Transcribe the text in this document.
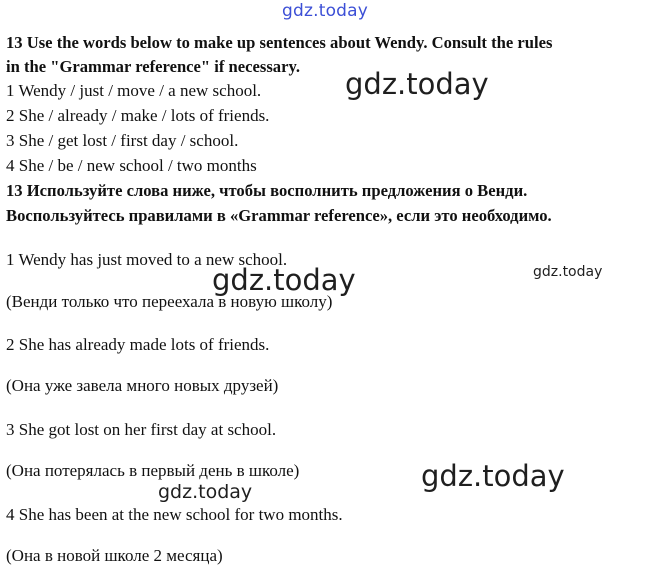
gdz.today
13 Use the words below to make up sentences about Wendy. Consult the rules
in the "Grammar reference" if necessary.
1 Wendy / just / move / a new school.
2 She / already / make / lots of friends.
3 She / get lost / first day / school.
4 She / be / new school / two months
13 Используйте слова ниже, чтобы восполнить предложения о Венди.
Воспользуйтесь правилами в «Grammar reference», если это необходимо.
1 Wendy has just moved to a new school.
(Венди только что переехала в новую школу)
2 She has already made lots of friends.
(Она уже завела много новых друзей)
3 She got lost on her first day at school.
(Она потерялась в первый день в школе)
4 She has been at the new school for two months.
(Она в новой школе 2 месяца)
gdz.today
gdz.today	gdz.today
gdz.today
gdz.today
